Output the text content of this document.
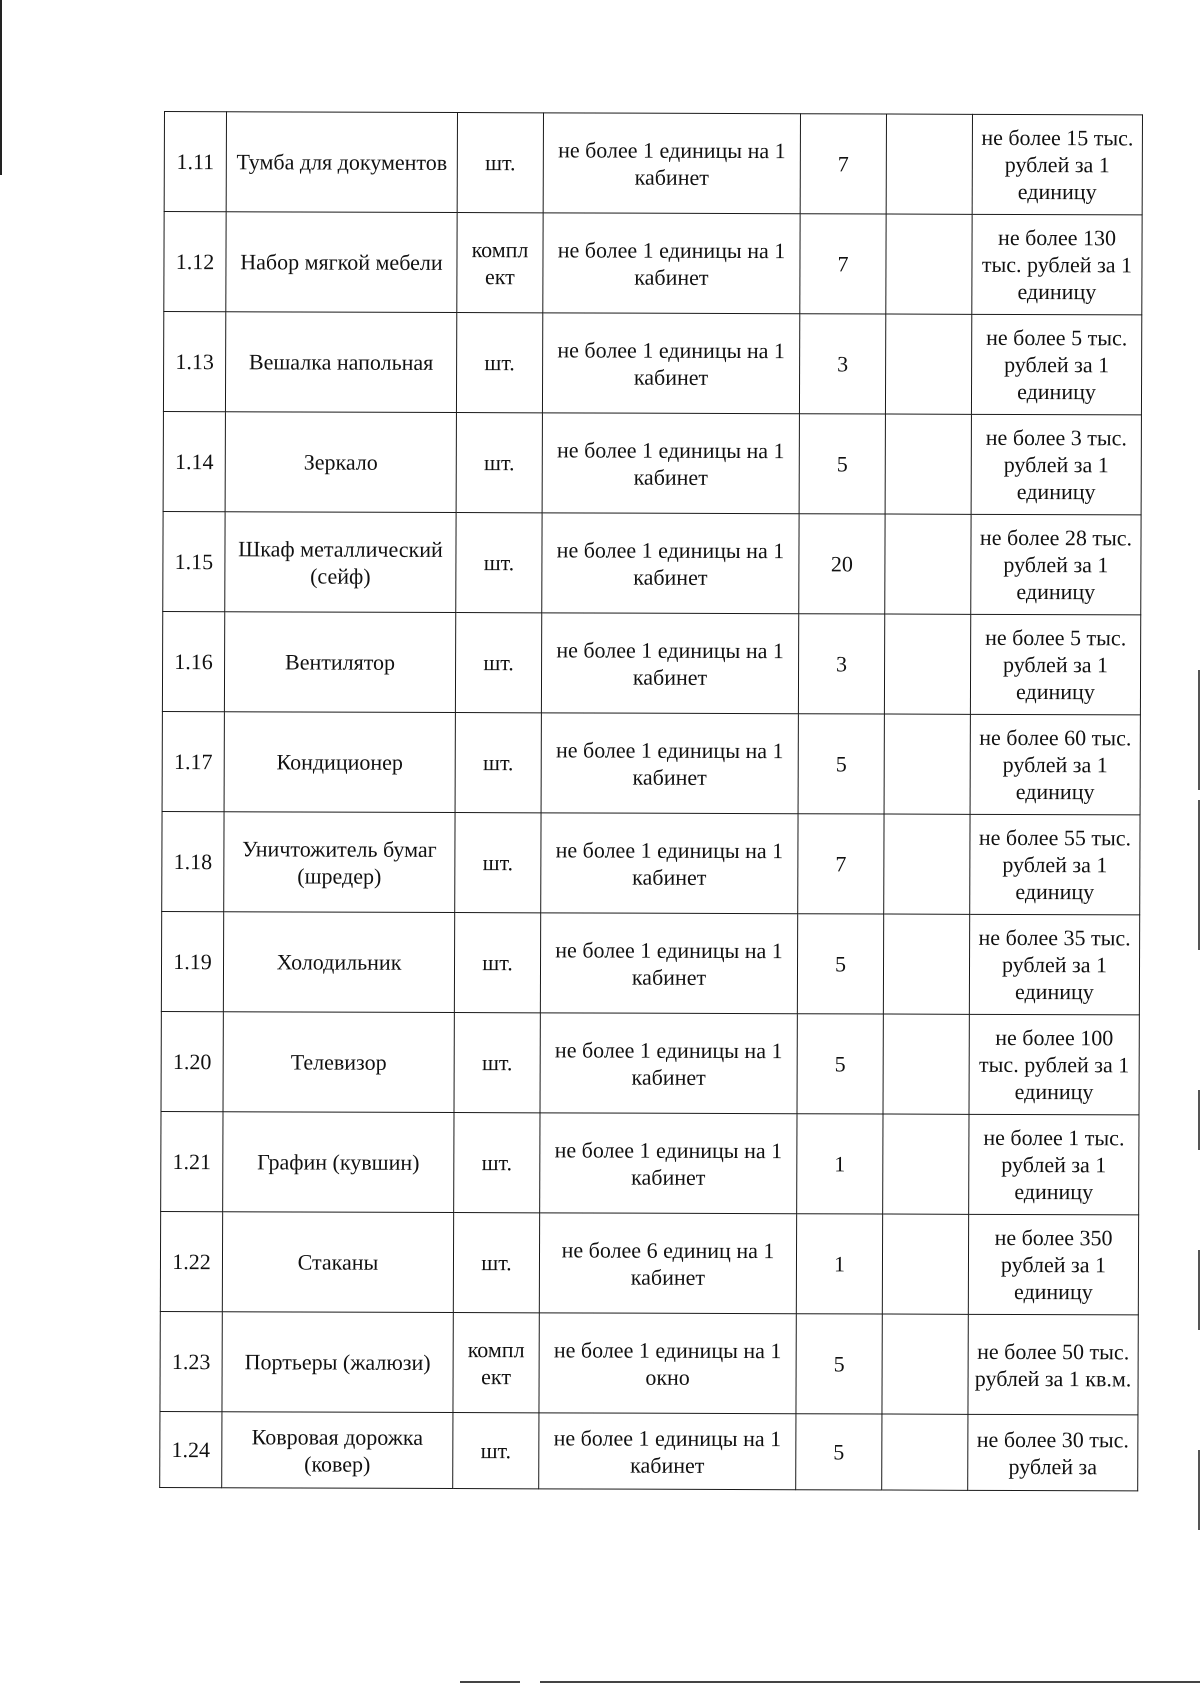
1.11	Тумба для документов	шт.	не более 1 единицы на 1 кабинет	7		не более 15 тыс. рублей за 1 единицу
1.12	Набор мягкой мебели	компл ект	не более 1 единицы на 1 кабинет	7		не более 130 тыс. рублей за 1 единицу
1.13	Вешалка напольная	шт.	не более 1 единицы на 1 кабинет	3		не более 5 тыс. рублей за 1 единицу
1.14	Зеркало	шт.	не более 1 единицы на 1 кабинет	5		не более 3 тыс. рублей за 1 единицу
1.15	Шкаф металлический (сейф)	шт.	не более 1 единицы на 1 кабинет	20		не более 28 тыс. рублей за 1 единицу
1.16	Вентилятор	шт.	не более 1 единицы на 1 кабинет	3		не более 5 тыс. рублей за 1 единицу
1.17	Кондиционер	шт.	не более 1 единицы на 1 кабинет	5		не более 60 тыс. рублей за 1 единицу
1.18	Уничтожитель бумаг (шредер)	шт.	не более 1 единицы на 1 кабинет	7		не более 55 тыс. рублей за 1 единицу
1.19	Холодильник	шт.	не более 1 единицы на 1 кабинет	5		не более 35 тыс. рублей за 1 единицу
1.20	Телевизор	шт.	не более 1 единицы на 1 кабинет	5		не более 100 тыс. рублей за 1 единицу
1.21	Графин (кувшин)	шт.	не более 1 единицы на 1 кабинет	1		не более 1 тыс. рублей за 1 единицу
1.22	Стаканы	шт.	не более 6 единиц на 1 кабинет	1		не более 350 рублей за 1 единицу
1.23	Портьеры (жалюзи)	компл ект	не более 1 единицы на 1 окно	5		не более 50 тыс. рублей за 1 кв.м.
1.24	Ковровая дорожка (ковер)	шт.	не более 1 единицы на 1 кабинет	5		не более 30 тыс. рублей за
